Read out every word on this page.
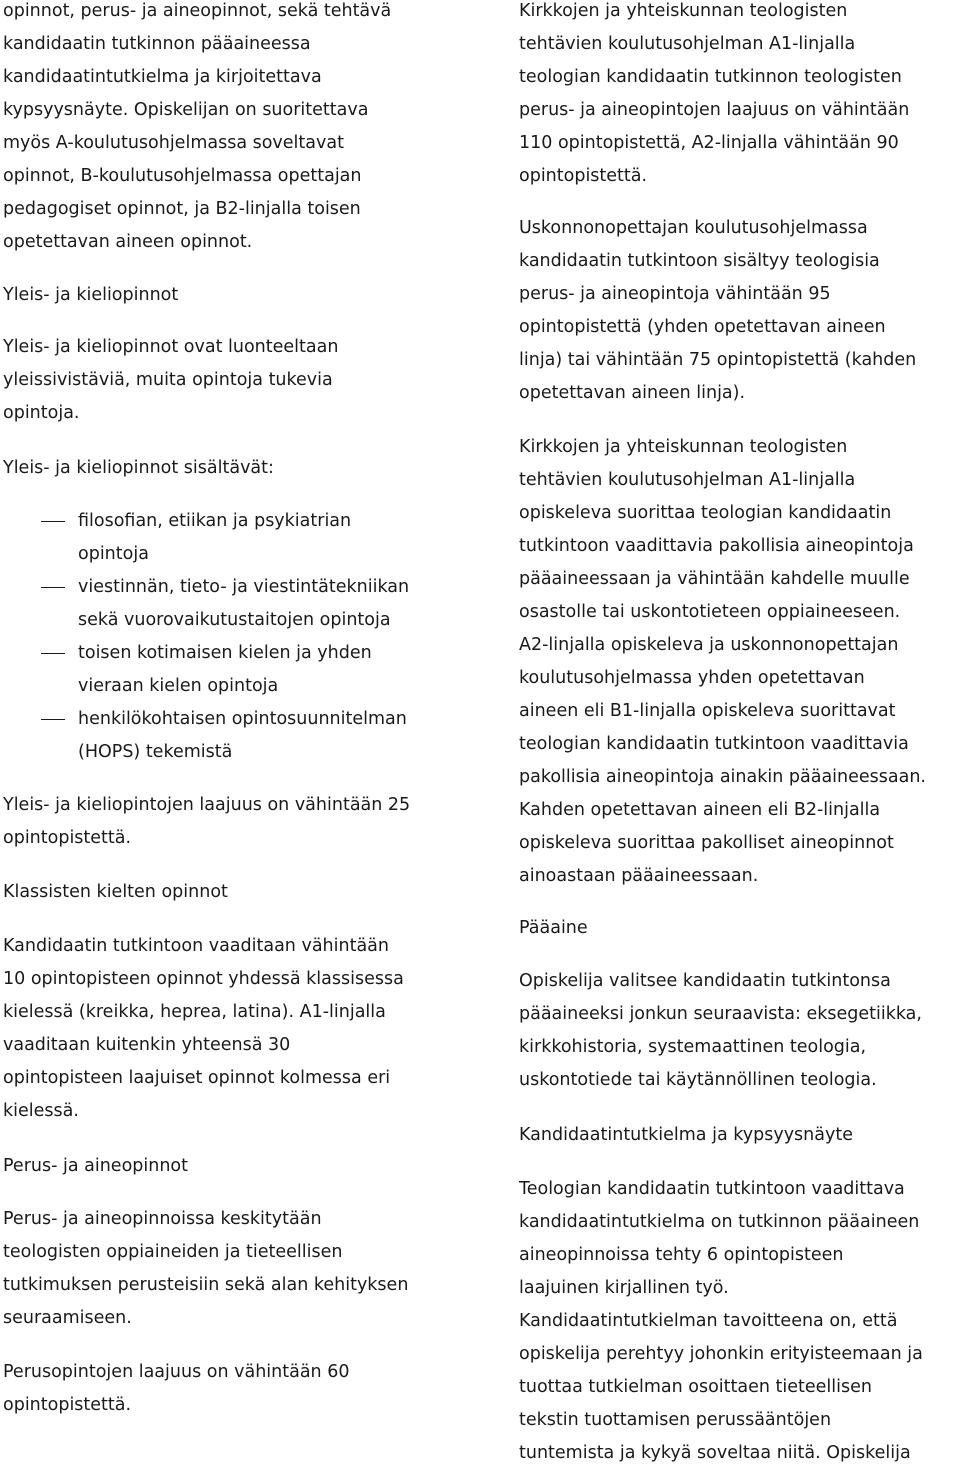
opinnot, perus- ja aineopinnot, sekä tehtävä
kandidaatin tutkinnon pääaineessa
kandidaatintutkielma ja kirjoitettava
kypsyysnäyte. Opiskelijan on suoritettava
myös A-koulutusohjelmassa soveltavat
opinnot, B-koulutusohjelmassa opettajan
pedagogiset opinnot, ja B2-linjalla toisen
opetettavan aineen opinnot.
Yleis- ja kieliopinnot
Yleis- ja kieliopinnot ovat luonteeltaan
yleissivistäviä, muita opintoja tukevia
opintoja.
Yleis- ja kieliopinnot sisältävät:
filosofian, etiikan ja psykiatrian
opintoja
viestinnän, tieto- ja viestintätekniikan
sekä vuorovaikutustaitojen opintoja
toisen kotimaisen kielen ja yhden
vieraan kielen opintoja
henkilökohtaisen opintosuunnitelman
(HOPS) tekemistä
Yleis- ja kieliopintojen laajuus on vähintään 25
opintopistettä.
Klassisten kielten opinnot
Kandidaatin tutkintoon vaaditaan vähintään
10 opintopisteen opinnot yhdessä klassisessa
kielessä (kreikka, heprea, latina). A1-linjalla
vaaditaan kuitenkin yhteensä 30
opintopisteen laajuiset opinnot kolmessa eri
kielessä.
Perus- ja aineopinnot
Perus- ja aineopinnoissa keskitytään
teologisten oppiaineiden ja tieteellisen
tutkimuksen perusteisiin sekä alan kehityksen
seuraamiseen.
Perusopintojen laajuus on vähintään 60
opintopistettä.
Kirkkojen ja yhteiskunnan teologisten
tehtävien koulutusohjelman A1-linjalla
teologian kandidaatin tutkinnon teologisten
perus- ja aineopintojen laajuus on vähintään
110 opintopistettä, A2-linjalla vähintään 90
opintopistettä.
Uskonnonopettajan koulutusohjelmassa
kandidaatin tutkintoon sisältyy teologisia
perus- ja aineopintoja vähintään 95
opintopistettä (yhden opetettavan aineen
linja) tai vähintään 75 opintopistettä (kahden
opetettavan aineen linja).
Kirkkojen ja yhteiskunnan teologisten
tehtävien koulutusohjelman A1-linjalla
opiskeleva suorittaa teologian kandidaatin
tutkintoon vaadittavia pakollisia aineopintoja
pääaineessaan ja vähintään kahdelle muulle
osastolle tai uskontotieteen oppiaineeseen.
A2-linjalla opiskeleva ja uskonnonopettajan
koulutusohjelmassa yhden opetettavan
aineen eli B1-linjalla opiskeleva suorittavat
teologian kandidaatin tutkintoon vaadittavia
pakollisia aineopintoja ainakin pääaineessaan.
Kahden opetettavan aineen eli B2-linjalla
opiskeleva suorittaa pakolliset aineopinnot
ainoastaan pääaineessaan.
Pääaine
Opiskelija valitsee kandidaatin tutkintonsa
pääaineeksi jonkun seuraavista: eksegetiikka,
kirkkohistoria, systemaattinen teologia,
uskontotiede tai käytännöllinen teologia.
Kandidaatintutkielma ja kypsyysnäyte
Teologian kandidaatin tutkintoon vaadittava
kandidaatintutkielma on tutkinnon pääaineen
aineopinnoissa tehty 6 opintopisteen
laajuinen kirjallinen työ.
Kandidaatintutkielman tavoitteena on, että
opiskelija perehtyy johonkin erityisteemaan ja
tuottaa tutkielman osoittaen tieteellisen
tekstin tuottamisen perussääntöjen
tuntemista ja kykyä soveltaa niitä. Opiskelija
